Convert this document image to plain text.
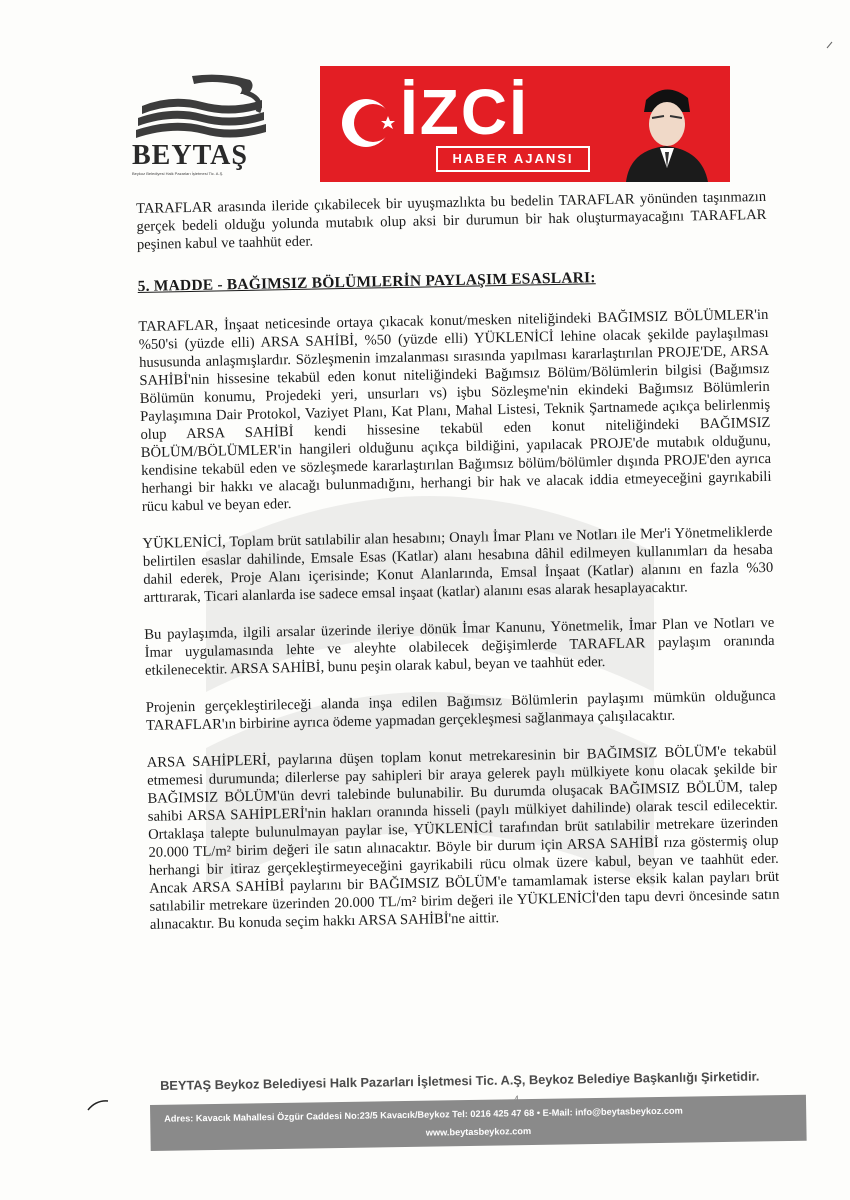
BEYTAŞ
Beykoz Belediyesi Halk Pazarları İşletmesi Tic. A.Ş.
İZCİ
HABER AJANSI

TARAFLAR arasında ileride çıkabilecek bir uyuşmazlıkta bu bedelin TARAFLAR yönünden taşınmazın gerçek bedeli olduğu yolunda mutabık olup aksi bir durumun bir hak oluşturmayacağını TARAFLAR peşinen kabul ve taahhüt eder.

5. MADDE - BAĞIMSIZ BÖLÜMLERİN PAYLAŞIM ESASLARI:

TARAFLAR, İnşaat neticesinde ortaya çıkacak konut/mesken niteliğindeki BAĞIMSIZ BÖLÜMLER'in %50'si (yüzde elli) ARSA SAHİBİ, %50 (yüzde elli) YÜKLENİCİ lehine olacak şekilde paylaşılması hususunda anlaşmışlardır. Sözleşmenin imzalanması sırasında yapılması kararlaştırılan PROJE'DE, ARSA SAHİBİ'nin hissesine tekabül eden konut niteliğindeki Bağımsız Bölüm/Bölümlerin bilgisi (Bağımsız Bölümün konumu, Projedeki yeri, unsurları vs) işbu Sözleşme'nin ekindeki Bağımsız Bölümlerin Paylaşımına Dair Protokol, Vaziyet Planı, Kat Planı, Mahal Listesi, Teknik Şartnamede açıkça belirlenmiş olup ARSA SAHİBİ kendi hissesine tekabül eden konut niteliğindeki BAĞIMSIZ BÖLÜM/BÖLÜMLER'in hangileri olduğunu açıkça bildiğini, yapılacak PROJE'de mutabık olduğunu, kendisine tekabül eden ve sözleşmede kararlaştırılan Bağımsız bölüm/bölümler dışında PROJE'den ayrıca herhangi bir hakkı ve alacağı bulunmadığını, herhangi bir hak ve alacak iddia etmeyeceğini gayrıkabili rücu kabul ve beyan eder.

YÜKLENİCİ, Toplam brüt satılabilir alan hesabını; Onaylı İmar Planı ve Notları ile Mer'i Yönetmeliklerde belirtilen esaslar dahilinde, Emsale Esas (Katlar) alanı hesabına dâhil edilmeyen kullanımları da hesaba dahil ederek, Proje Alanı içerisinde; Konut Alanlarında, Emsal İnşaat (Katlar) alanını en fazla %30 arttırarak, Ticari alanlarda ise sadece emsal inşaat (katlar) alanını esas alarak hesaplayacaktır.

Bu paylaşımda, ilgili arsalar üzerinde ileriye dönük İmar Kanunu, Yönetmelik, İmar Plan ve Notları ve İmar uygulamasında lehte ve aleyhte olabilecek değişimlerde TARAFLAR paylaşım oranında etkilenecektir. ARSA SAHİBİ, bunu peşin olarak kabul, beyan ve taahhüt eder.

Projenin gerçekleştirileceği alanda inşa edilen Bağımsız Bölümlerin paylaşımı mümkün olduğunca TARAFLAR'ın birbirine ayrıca ödeme yapmadan gerçekleşmesi sağlanmaya çalışılacaktır.

ARSA SAHİPLERİ, paylarına düşen toplam konut metrekaresinin bir BAĞIMSIZ BÖLÜM'e tekabül etmemesi durumunda; dilerlerse pay sahipleri bir araya gelerek paylı mülkiyete konu olacak şekilde bir BAĞIMSIZ BÖLÜM'ün devri talebinde bulunabilir. Bu durumda oluşacak BAĞIMSIZ BÖLÜM, talep sahibi ARSA SAHİPLERİ'nin hakları oranında hisseli (paylı mülkiyet dahilinde) olarak tescil edilecektir. Ortaklaşa talepte bulunulmayan paylar ise, YÜKLENİCİ tarafından brüt satılabilir metrekare üzerinden 20.000 TL/m² birim değeri ile satın alınacaktır. Böyle bir durum için ARSA SAHİBİ rıza göstermiş olup herhangi bir itiraz gerçekleştirmeyeceğini gayrikabili rücu olmak üzere kabul, beyan ve taahhüt eder. Ancak ARSA SAHİBİ paylarını bir BAĞIMSIZ BÖLÜM'e tamamlamak isterse eksik kalan payları brüt satılabilir metrekare üzerinden 20.000 TL/m² birim değeri ile YÜKLENİCİ'den tapu devri öncesinde satın alınacaktır. Bu konuda seçim hakkı ARSA SAHİBİ'ne aittir.

BEYTAŞ Beykoz Belediyesi Halk Pazarları İşletmesi Tic. A.Ş, Beykoz Belediye Başkanlığı Şirketidir.
Adres: Kavacık Mahallesi Özgür Caddesi No:23/5 Kavacık/Beykoz Tel: 0216 425 47 68 • E-Mail: info@beytasbeykoz.com
www.beytasbeykoz.com
